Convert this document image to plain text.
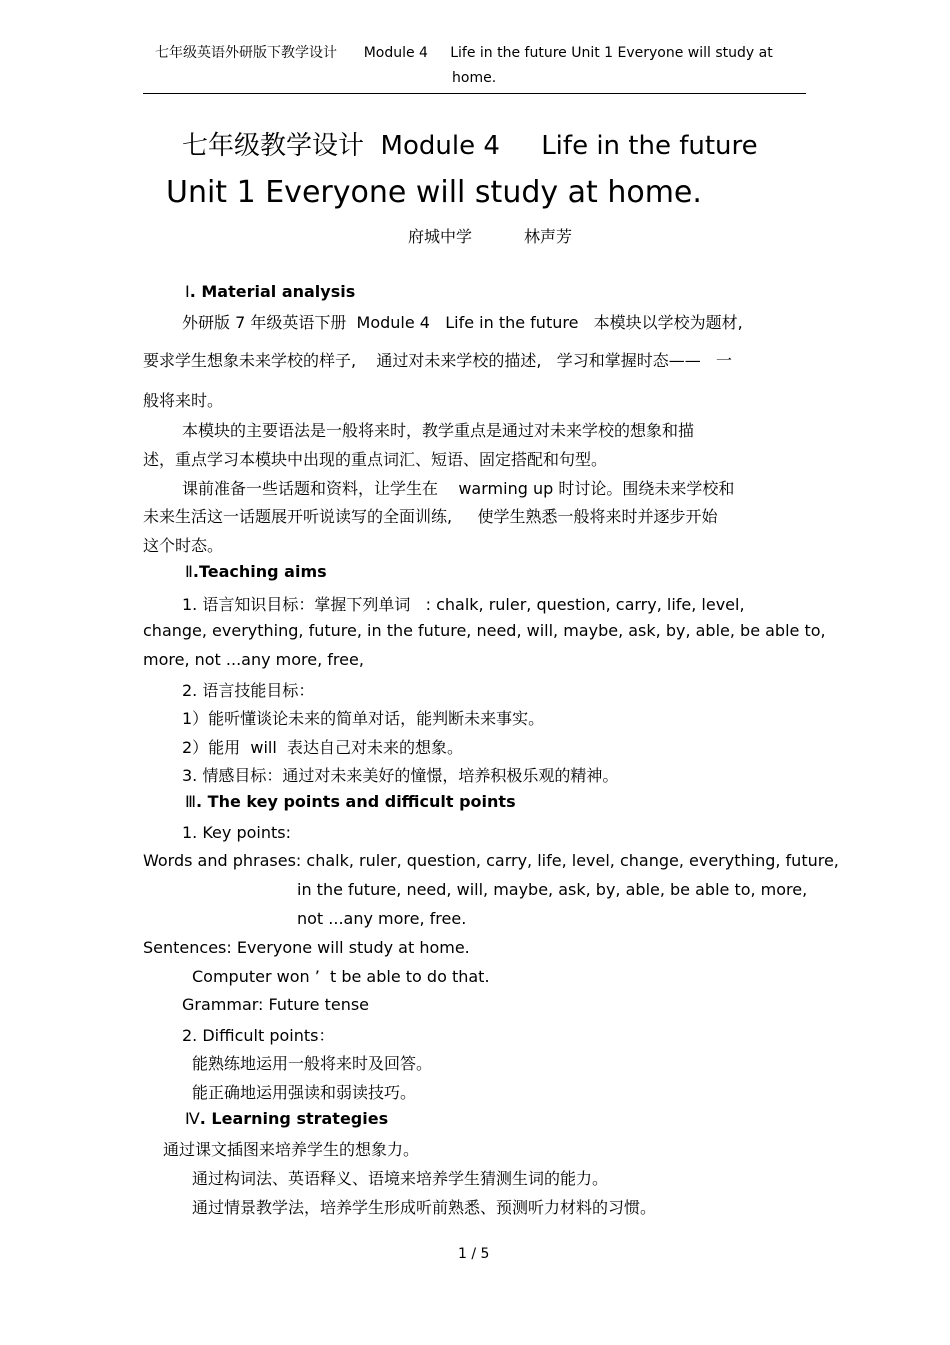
七年级英语外研版下教学设计      Module 4     Life in the future Unit 1 Everyone will study at
home.
七年级教学设计  Module 4     Life in the future
Unit 1 Everyone will study at home.
府城中学	林声芳
Ⅰ. Material analysis
外研版 7 年级英语下册  Module 4   Life in the future   本模块以学校为题材,
要求学生想象未来学校的样子,    通过对未来学校的描述,   学习和掌握时态——   一
般将来时。
本模块的主要语法是一般将来时，教学重点是通过对未来学校的想象和描
述，重点学习本模块中出现的重点词汇、短语、固定搭配和句型。
课前准备一些话题和资料，让学生在    warming up 时讨论。围绕未来学校和
未来生活这一话题展开听说读写的全面训练,     使学生熟悉一般将来时并逐步开始
这个时态。
Ⅱ.Teaching aims
1. 语言知识目标：掌握下列单词   : chalk, ruler, question, carry, life, level,
change, everything, future, in the future, need, will, maybe, ask, by, able, be able to,
more, not ...any more, free,
2. 语言技能目标：
1）能听懂谈论未来的简单对话，能判断未来事实。
2）能用  will  表达自己对未来的想象。
3. 情感目标：通过对未来美好的憧憬，培养积极乐观的精神。
Ⅲ. The key points and difficult points
1. Key points:
Words and phrases: chalk, ruler, question, carry, life, level, change, everything, future,
in the future, need, will, maybe, ask, by, able, be able to, more,
not ...any more, free.
Sentences: Everyone will study at home.
Computer won ’  t be able to do that.
Grammar: Future tense
2. Difficult points：
能熟练地运用一般将来时及回答。
能正确地运用强读和弱读技巧。
Ⅳ. Learning strategies
通过课文插图来培养学生的想象力。
通过构词法、英语释义、语境来培养学生猜测生词的能力。
通过情景教学法，培养学生形成听前熟悉、预测听力材料的习惯。
1 / 5
